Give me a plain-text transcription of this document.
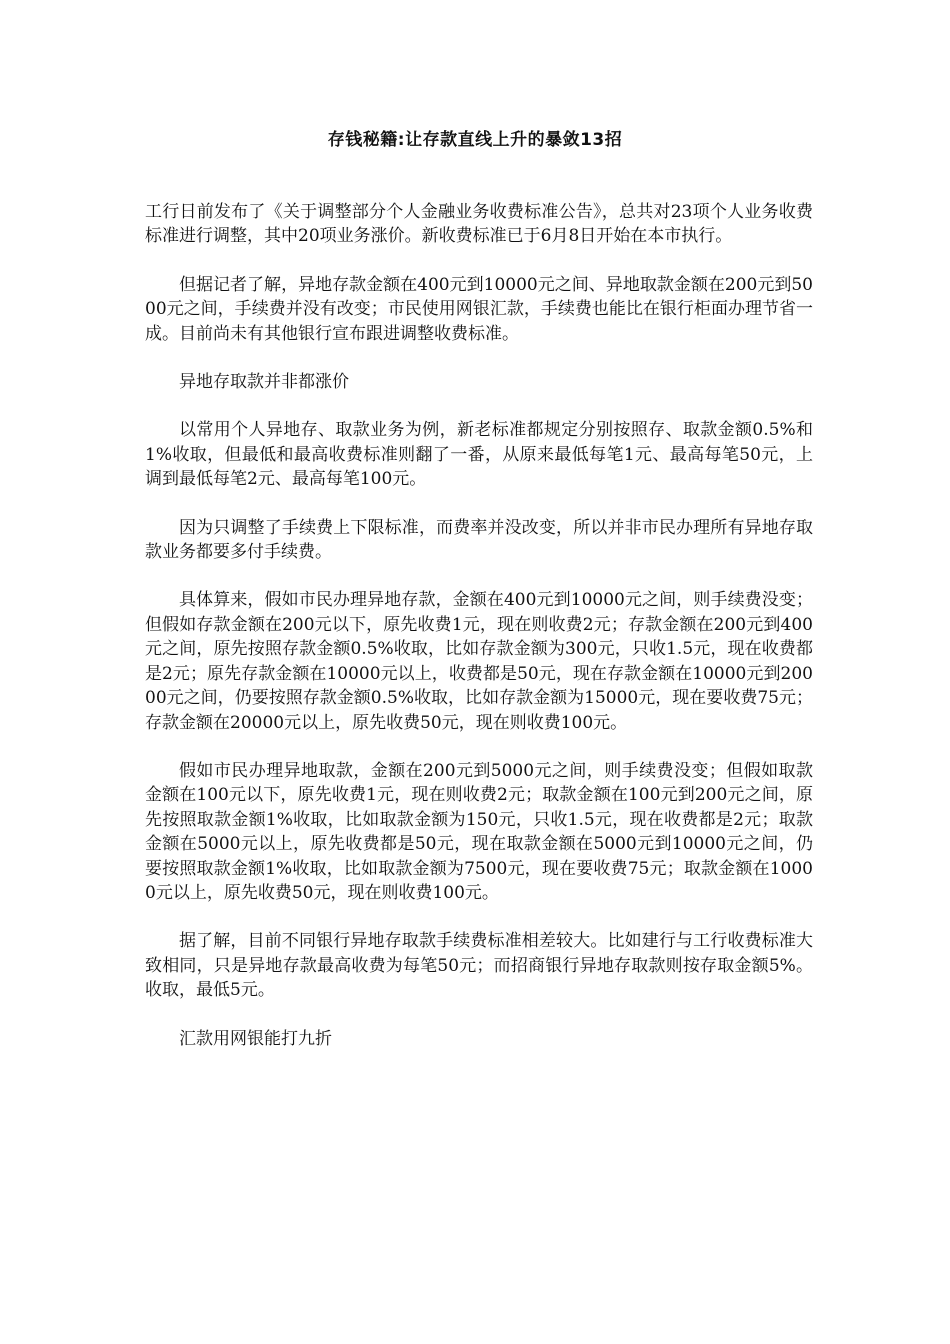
存钱秘籍:让存款直线上升的暴敛13招

工行日前发布了《关于调整部分个人金融业务收费标准公告》，总共对23项个人业务收费标准进行调整，其中20项业务涨价。新收费标准已于6月8日开始在本市执行。

但据记者了解，异地存款金额在400元到10000元之间、异地取款金额在200元到5000元之间，手续费并没有改变；市民使用网银汇款，手续费也能比在银行柜面办理节省一成。目前尚未有其他银行宣布跟进调整收费标准。

异地存取款并非都涨价

以常用个人异地存、取款业务为例，新老标准都规定分别按照存、取款金额0.5%和1%收取，但最低和最高收费标准则翻了一番，从原来最低每笔1元、最高每笔50元，上调到最低每笔2元、最高每笔100元。

因为只调整了手续费上下限标准，而费率并没改变，所以并非市民办理所有异地存取款业务都要多付手续费。

具体算来，假如市民办理异地存款，金额在400元到10000元之间，则手续费没变；但假如存款金额在200元以下，原先收费1元，现在则收费2元；存款金额在200元到400元之间，原先按照存款金额0.5%收取，比如存款金额为300元，只收1.5元，现在收费都是2元；原先存款金额在10000元以上，收费都是50元，现在存款金额在10000元到20000元之间，仍要按照存款金额0.5%收取，比如存款金额为15000元，现在要收费75元；存款金额在20000元以上，原先收费50元，现在则收费100元。

假如市民办理异地取款，金额在200元到5000元之间，则手续费没变；但假如取款金额在100元以下，原先收费1元，现在则收费2元；取款金额在100元到200元之间，原先按照取款金额1%收取，比如取款金额为150元，只收1.5元，现在收费都是2元；取款金额在5000元以上，原先收费都是50元，现在取款金额在5000元到10000元之间，仍要按照取款金额1%收取，比如取款金额为7500元，现在要收费75元；取款金额在10000元以上，原先收费50元，现在则收费100元。

据了解，目前不同银行异地存取款手续费标准相差较大。比如建行与工行收费标准大致相同，只是异地存款最高收费为每笔50元；而招商银行异地存取款则按存取金额5%。收取，最低5元。

汇款用网银能打九折
